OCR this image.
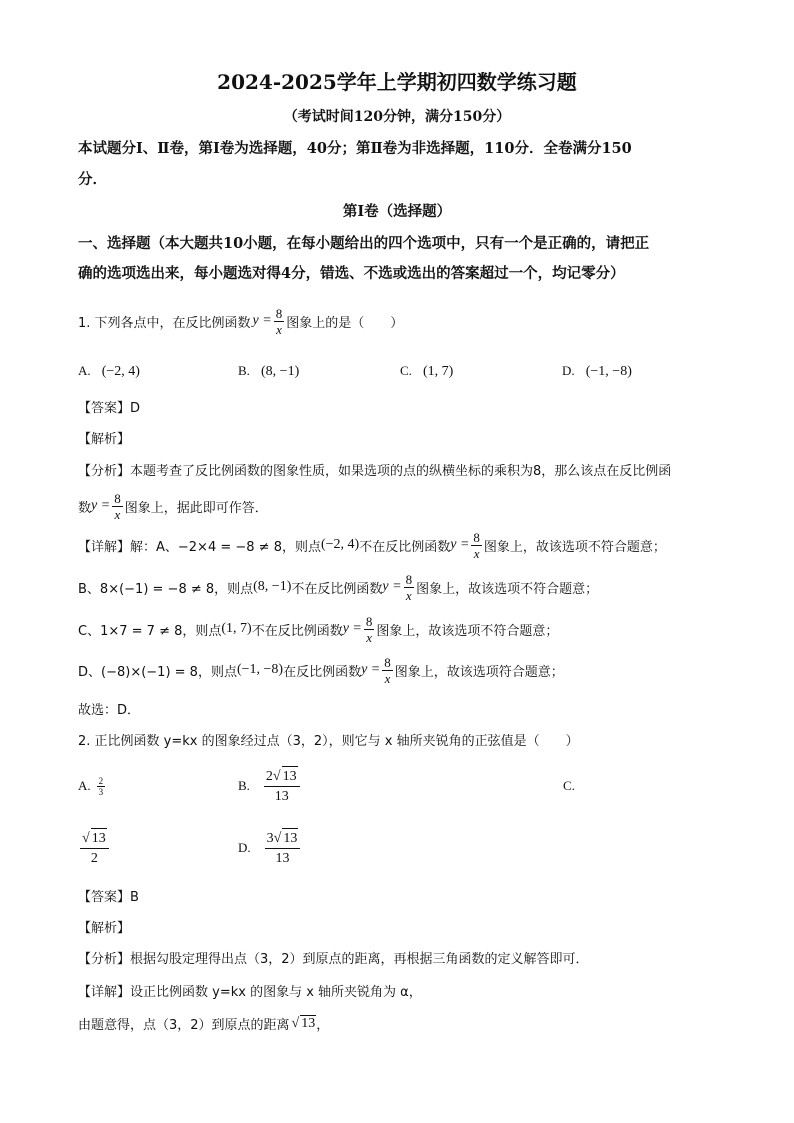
2024-2025学年上学期初四数学练习题
（考试时间120分钟，满分150分）
本试题分Ⅰ、Ⅱ卷，第Ⅰ卷为选择题，40分；第Ⅱ卷为非选择题，110分．全卷满分150
分．
第Ⅰ卷（选择题）
一、选择题（本大题共10小题，在每小题给出的四个选项中，只有一个是正确的，请把正
确的选项选出来，每小题选对得4分，错选、不选或选出的答案超过一个，均记零分）
1. 下列各点中，在反比例函数 $y = \frac{8}{x}$ 图象上的是（　　）
A. (−2, 4)	B. (8, −1)	C. (1, 7)	D. (−1, −8)
【答案】D
【解析】
【分析】本题考查了反比例函数的图象性质，如果选项的点的纵横坐标的乘积为8，那么该点在反比例函
数 $y = \frac{8}{x}$ 图象上，据此即可作答．
【详解】解：A、−2×4 = −8 ≠ 8，则点 (−2, 4) 不在反比例函数 $y = \frac{8}{x}$ 图象上，故该选项不符合题意；
B、8×(−1) = −8 ≠ 8，则点 (8, −1) 不在反比例函数 $y = \frac{8}{x}$ 图象上，故该选项不符合题意；
C、1×7 = 7 ≠ 8，则点 (1, 7) 不在反比例函数 $y = \frac{8}{x}$ 图象上，故该选项不符合题意；
D、(−8)×(−1) = 8，则点 (−1, −8) 在反比例函数 $y = \frac{8}{x}$ 图象上，故该选项符合题意；
故选：D．
2. 正比例函数 y=kx 的图象经过点（3，2），则它与 x 轴所夹锐角的正弦值是（　　）
A. $\frac{2}{3}$	B. $\frac{2√ 13}{13}$	C.
$\frac{√ 13}{2}$	D. $\frac{3√ 13}{13}$
【答案】B
【解析】
【分析】根据勾股定理得出点（3，2）到原点的距离，再根据三角函数的定义解答即可．
【详解】设正比例函数 y=kx 的图象与 x 轴所夹锐角为 α，
由题意得，点（3，2）到原点的距离 √ 13 ，
